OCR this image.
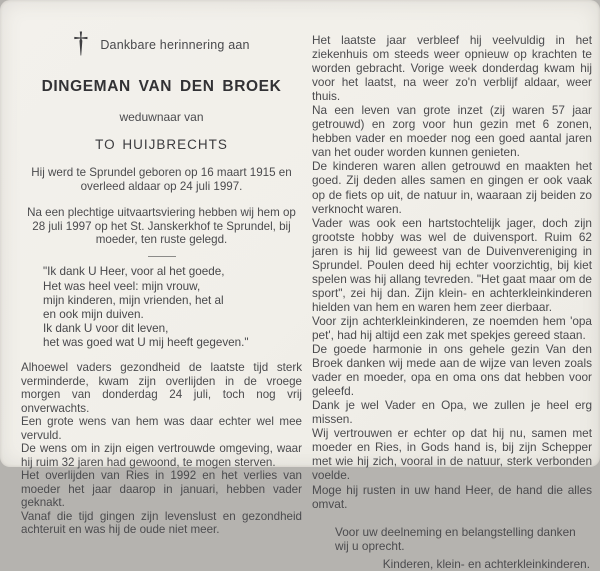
† Dankbare herinnering aan
DINGEMAN VAN DEN BROEK
weduwnaar van
TO HUIJBRECHTS

Hij werd te Sprundel geboren op 16 maart 1915 en overleed aldaar op 24 juli 1997.

Na een plechtige uitvaartsviering hebben wij hem op 28 juli 1997 op het St. Janskerkhof te Sprundel, bij moeder, ten ruste gelegd.

"Ik dank U Heer, voor al het goede,
Het was heel veel: mijn vrouw,
mijn kinderen, mijn vrienden, het al
en ook mijn duiven.
Ik dank U voor dit leven,
het was goed wat U mij heeft gegeven."

Alhoewel vaders gezondheid de laatste tijd sterk verminderde, kwam zijn overlijden in de vroege morgen van donderdag 24 juli, toch nog vrij onverwachts.

Een grote wens van hem was daar echter wel mee vervuld.

De wens om in zijn eigen vertrouwde omgeving, waar hij ruim 32 jaren had gewoond, te mogen sterven.

Het overlijden van Ries in 1992 en het verlies van moeder het jaar daarop in januari, hebben vader geknakt.

Vanaf die tijd gingen zijn levenslust en gezondheid achteruit en was hij de oude niet meer.

Het laatste jaar verbleef hij veelvuldig in het ziekenhuis om steeds weer opnieuw op krachten te worden gebracht. Vorige week donderdag kwam hij voor het laatst, na weer zo'n verblijf aldaar, weer thuis.

Na een leven van grote inzet (zij waren 57 jaar getrouwd) en zorg voor hun gezin met 6 zonen, hebben vader en moeder nog een goed aantal jaren van het ouder worden kunnen genieten.

De kinderen waren allen getrouwd en maakten het goed. Zij deden alles samen en gingen er ook vaak op de fiets op uit, de natuur in, waaraan zij beiden zo verknocht waren.

Vader was ook een hartstochtelijk jager, doch zijn grootste hobby was wel de duivensport. Ruim 62 jaren is hij lid geweest van de Duivenvereniging in Sprundel. Poulen deed hij echter voorzichtig, bij kiet spelen was hij allang tevreden. "Het gaat maar om de sport", zei hij dan. Zijn klein- en achterkleinkinderen hielden van hem en waren hem zeer dierbaar.

Voor zijn achterkleinkinderen, ze noemden hem 'opa pet', had hij altijd een zak met spekjes gereed staan.

De goede harmonie in ons gehele gezin Van den Broek danken wij mede aan de wijze van leven zoals vader en moeder, opa en oma ons dat hebben voor geleefd.

Dank je wel Vader en Opa, we zullen je heel erg missen.

Wij vertrouwen er echter op dat hij nu, samen met moeder en Ries, in Gods hand is, bij zijn Schepper met wie hij zich, vooral in de natuur, sterk verbonden voelde.

Moge hij rusten in uw hand Heer, de hand die alles omvat.

Voor uw deelneming en belangstelling danken wij u oprecht.

Kinderen, klein- en achterkleinkinderen.
